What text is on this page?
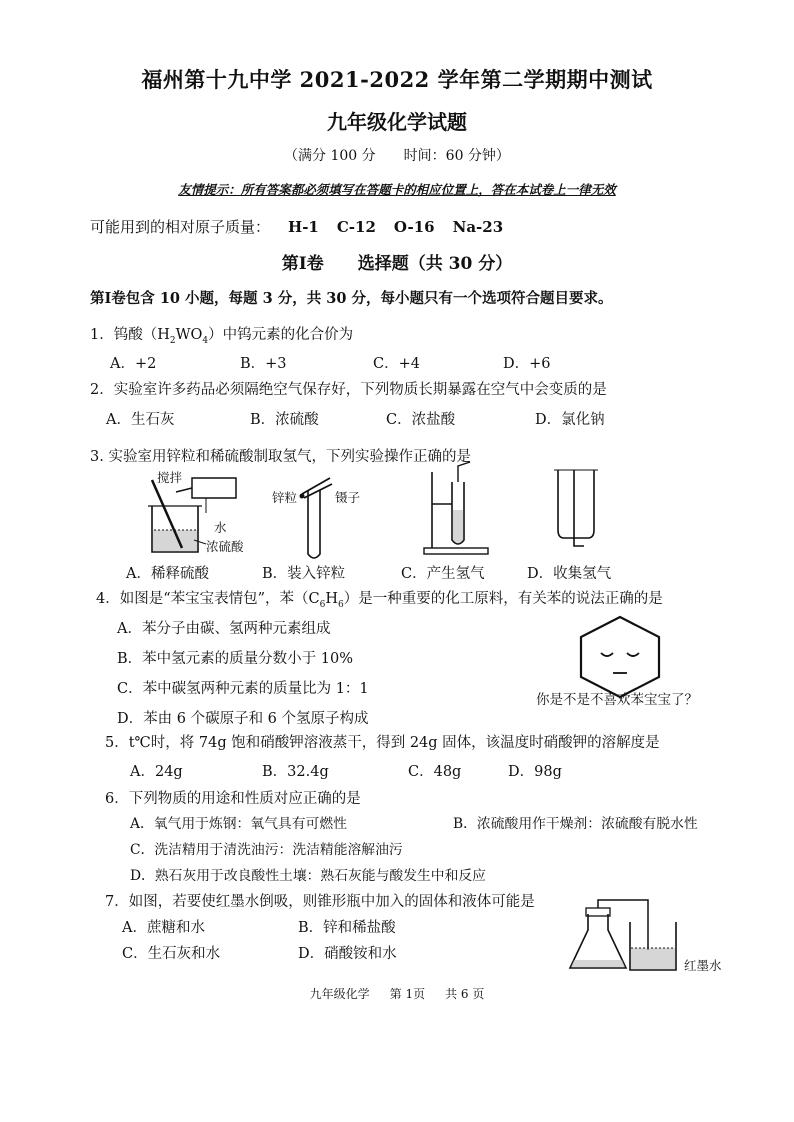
福州第十九中学 2021-2022 学年第二学期期中测试
九年级化学试题
（满分 100 分　　时间：60 分钟）
友情提示：所有答案都必须填写在答题卡的相应位置上，答在本试卷上一律无效
可能用到的相对原子质量： H-1 C-12 O-16 Na-23
第Ⅰ卷 选择题（共 30 分）
第Ⅰ卷包含 10 小题，每题 3 分，共 30 分，每小题只有一个选项符合题目要求。
1．钨酸$(H_2WO_4)$中钨元素的化合价为
A．+2	B．+3	C．+4	D．+6
2．实验室许多药品必须隔绝空气保存好，下列物质长期暴露在空气中会变质的是
A．生石灰	B．浓硫酸	C．浓盐酸	D．氯化钠
3. 实验室用锌粒和稀硫酸制取氢气，下列实验操作正确的是
搅拌
水
浓硫酸
锌粒	镊子
A．稀释硫酸	B．装入锌粒	C．产生氢气	D．收集氢气
4．如图是“苯宝宝表情包”，苯$(C_6H_6)$是一种重要的化工原料，有关苯的说法正确的是
A．苯分子由碳、氢两种元素组成
B．苯中氢元素的质量分数小于 10%
C．苯中碳氢两种元素的质量比为 1：1
D．苯由 6 个碳原子和 6 个氢原子构成
你是不是不喜欢苯宝宝了？
5．t℃时，将 74g 饱和硝酸钾溶液蒸干，得到 24g 固体，该温度时硝酸钾的溶解度是
A．24g	B．32.4g	C．48g	D．98g
6．下列物质的用途和性质对应正确的是
A．氧气用于炼钢：氧气具有可燃性	B．浓硫酸用作干燥剂：浓硫酸有脱水性
C．洗洁精用于清洗油污：洗洁精能溶解油污
D．熟石灰用于改良酸性土壤：熟石灰能与酸发生中和反应
7．如图，若要使红墨水倒吸，则锥形瓶中加入的固体和液体可能是
A．蔗糖和水	B．锌和稀盐酸
C．生石灰和水	D．硝酸铵和水
红墨水
九年级化学 第 1页 共 6 页
